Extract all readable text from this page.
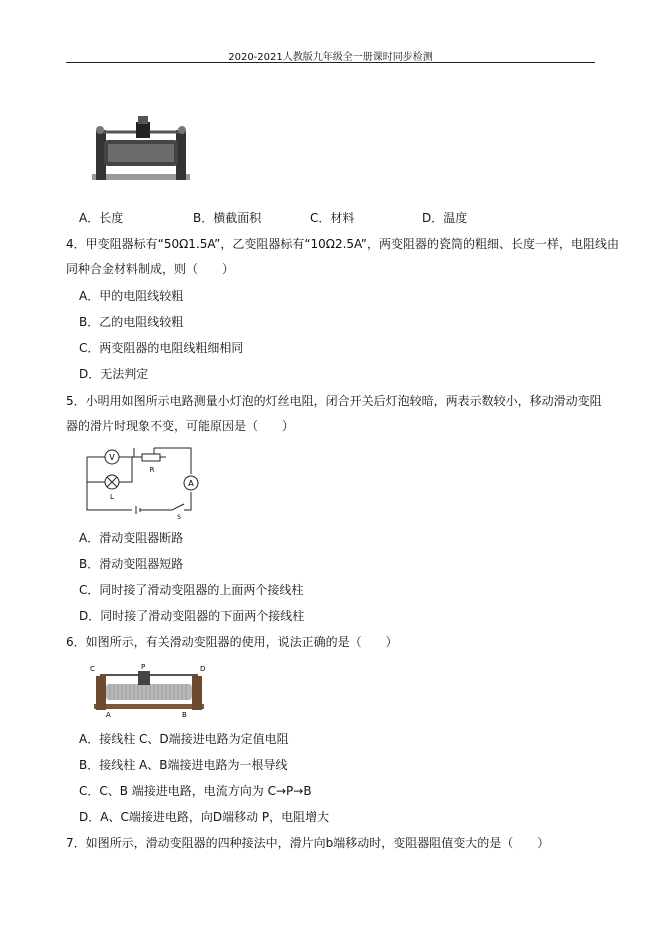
2020-2021人教版九年级全一册课时同步检测
A．长度	B．横截面积	C．材料	D．温度
4．甲变阻器标有“50Ω1.5A”，乙变阻器标有“10Ω2.5A”，两变阻器的瓷筒的粗细、长度一样，电阻线由
同种合金材料制成，则（　　）
A．甲的电阻线较粗
B．乙的电阻线较粗
C．两变阻器的电阻线粗细相同
D．无法判定
5．小明用如图所示电路测量小灯泡的灯丝电阻，闭合开关后灯泡较暗，两表示数较小，移动滑动变阻
器的滑片时现象不变，可能原因是（　　）
V
L
R
A
S
A．滑动变阻器断路
B．滑动变阻器短路
C．同时接了滑动变阻器的上面两个接线柱
D．同时接了滑动变阻器的下面两个接线柱
6．如图所示，有关滑动变阻器的使用，说法正确的是（　　）
C	P	D
A	B
A．接线柱 C、D端接进电路为定值电阻
B．接线柱 A、B端接进电路为一根导线
C．C、B 端接进电路，电流方向为 C→P→B
D．A、C端接进电路，向D端移动 P，电阻增大
7．如图所示，滑动变阻器的四种接法中，滑片向b端移动时，变阻器阻值变大的是（　　）
